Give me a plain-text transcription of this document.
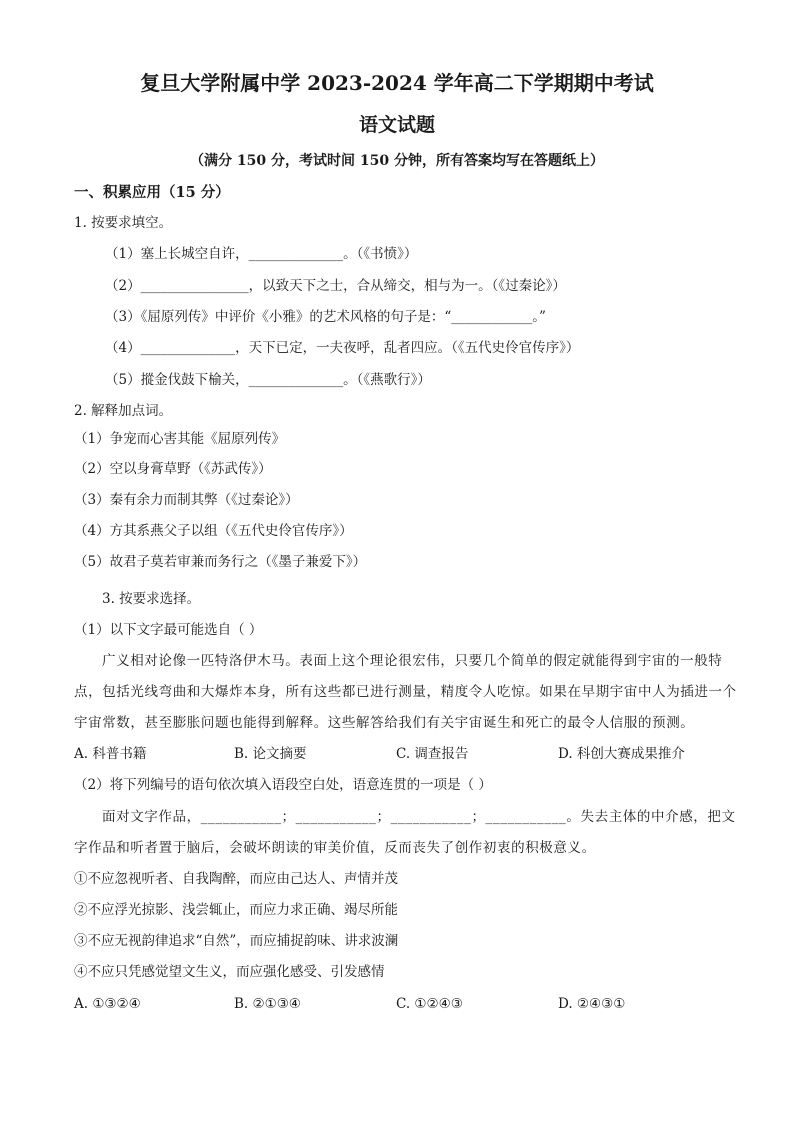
复旦大学附属中学 2023-2024 学年高二下学期期中考试
语文试题
（满分 150 分，考试时间 150 分钟，所有答案均写在答题纸上）
一、积累应用（15 分）
1. 按要求填空。
（1）塞上长城空自许，______________。（《书愤》）
（2）________________，以致天下之士，合从缔交，相与为一。（《过秦论》）
（3）《屈原列传》中评价《小雅》的艺术风格的句子是：“____________。”
（4）______________，天下已定，一夫夜呼，乱者四应。（《五代史伶官传序》）
（5）摐金伐鼓下榆关，______________。（《燕歌行》）
2. 解释加点词。
（1）争宠而心害其能《屈原列传》
（2）空以身膏草野（《苏武传》）
（3）秦有余力而制其弊（《过秦论》）
（4）方其系燕父子以组（《五代史伶官传序》）
（5）故君子莫若审兼而务行之（《墨子兼爱下》）
3. 按要求选择。
（1）以下文字最可能选自（ ）
广义相对论像一匹特洛伊木马。表面上这个理论很宏伟，只要几个简单的假定就能得到宇宙的一般特
点，包括光线弯曲和大爆炸本身，所有这些都已进行测量，精度令人吃惊。如果在早期宇宙中人为插进一个
宇宙常数，甚至膨胀问题也能得到解释。这些解答给我们有关宇宙诞生和死亡的最令人信服的预测。
A. 科普书籍	B. 论文摘要	C. 调查报告	D. 科创大赛成果推介
（2）将下列编号的语句依次填入语段空白处，语意连贯的一项是（ ）
面对文字作品，___________；___________；___________；___________。失去主体的中介感，把文
字作品和听者置于脑后，会破坏朗读的审美价值，反而丧失了创作初衷的积极意义。
①不应忽视听者、自我陶醉，而应由己达人、声情并茂
②不应浮光掠影、浅尝辄止，而应力求正确、竭尽所能
③不应无视韵律追求“自然”，而应捕捉韵味、讲求波澜
④不应只凭感觉望文生义，而应强化感受、引发感情
A. ①③②④	B. ②①③④	C. ①②④③	D. ②④③①
